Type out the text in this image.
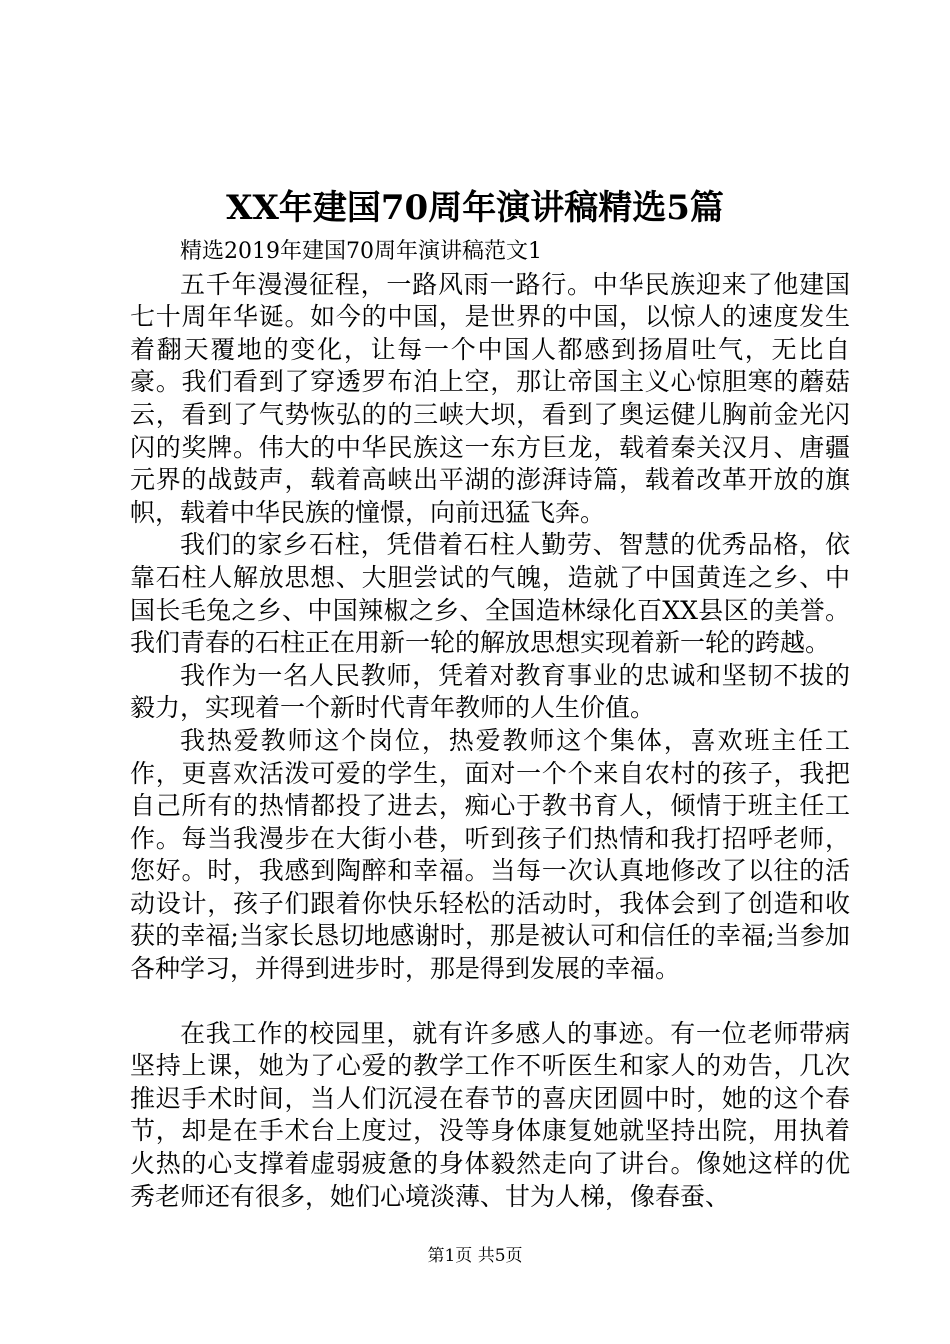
XX年建国70周年演讲稿精选5篇

精选2019年建国70周年演讲稿范文1

五千年漫漫征程，一路风雨一路行。中华民族迎来了他建国七十周年华诞。如今的中国，是世界的中国，以惊人的速度发生着翻天覆地的变化，让每一个中国人都感到扬眉吐气，无比自豪。我们看到了穿透罗布泊上空，那让帝国主义心惊胆寒的蘑菇云，看到了气势恢弘的的三峡大坝，看到了奥运健儿胸前金光闪闪的奖牌。伟大的中华民族这一东方巨龙，载着秦关汉月、唐疆元界的战鼓声，载着高峡出平湖的澎湃诗篇，载着改革开放的旗帜，载着中华民族的憧憬，向前迅猛飞奔。

我们的家乡石柱，凭借着石柱人勤劳、智慧的优秀品格，依靠石柱人解放思想、大胆尝试的气魄，造就了中国黄连之乡、中国长毛兔之乡、中国辣椒之乡、全国造林绿化百XX县区的美誉。我们青春的石柱正在用新一轮的解放思想实现着新一轮的跨越。

我作为一名人民教师，凭着对教育事业的忠诚和坚韧不拔的毅力，实现着一个新时代青年教师的人生价值。

我热爱教师这个岗位，热爱教师这个集体，喜欢班主任工作，更喜欢活泼可爱的学生，面对一个个来自农村的孩子，我把自己所有的热情都投了进去，痴心于教书育人，倾情于班主任工作。每当我漫步在大街小巷，听到孩子们热情和我打招呼老师，您好。时，我感到陶醉和幸福。当每一次认真地修改了以往的活动设计，孩子们跟着你快乐轻松的活动时，我体会到了创造和收获的幸福;当家长恳切地感谢时，那是被认可和信任的幸福;当参加各种学习，并得到进步时，那是得到发展的幸福。

在我工作的校园里，就有许多感人的事迹。有一位老师带病坚持上课，她为了心爱的教学工作不听医生和家人的劝告，几次推迟手术时间，当人们沉浸在春节的喜庆团圆中时，她的这个春节，却是在手术台上度过，没等身体康复她就坚持出院，用执着火热的心支撑着虚弱疲惫的身体毅然走向了讲台。像她这样的优秀老师还有很多，她们心境淡薄、甘为人梯，像春蚕、

第1页 共5页
